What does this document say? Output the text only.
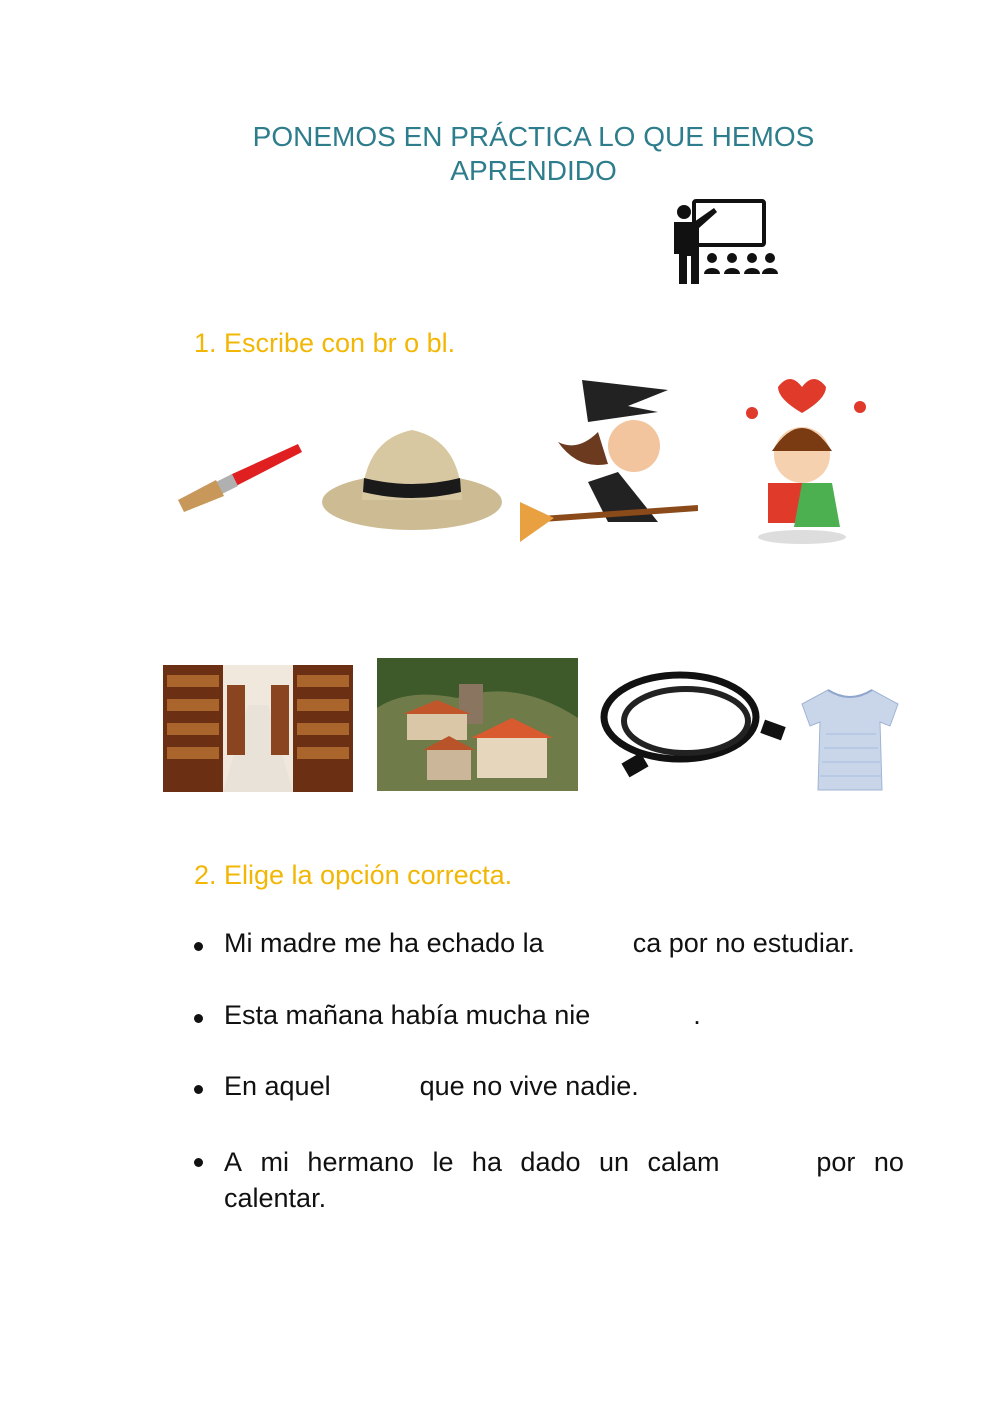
PONEMOS EN PRÁCTICA LO QUE HEMOS APRENDIDO
1. Escribe con br o bl.
2. Elige la opción correcta.
Mi madre me ha echado la	ca por no estudiar.
Esta mañana había mucha nie	.
En aquel	que no vive nadie.
A mi hermano le ha dado un calam	por no
calentar.
